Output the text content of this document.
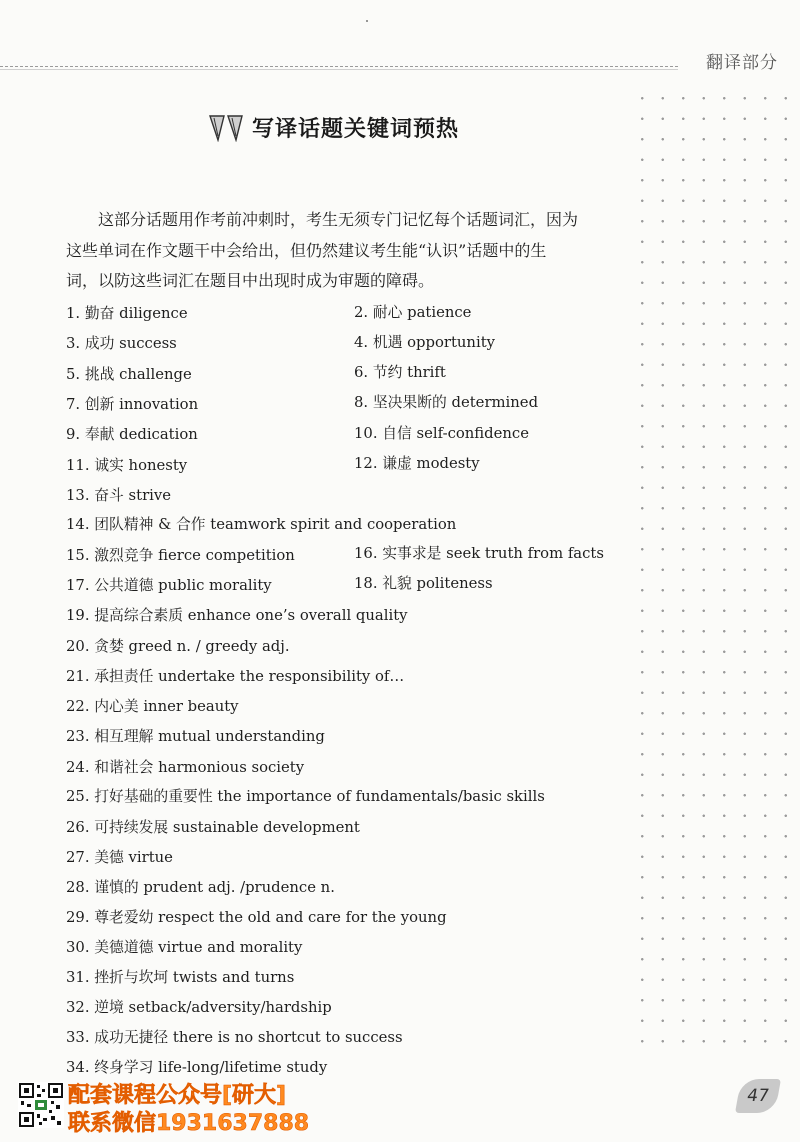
翻译部分
写译话题关键词预热
这部分话题用作考前冲刺时，考生无须专门记忆每个话题词汇，因为
这些单词在作文题干中会给出，但仍然建议考生能“认识”话题中的生
词，以防这些词汇在题目中出现时成为审题的障碍。
1. 勤奋 diligence	2. 耐心 patience
3. 成功 success	4. 机遇 opportunity
5. 挑战 challenge	6. 节约 thrift
7. 创新 innovation	8. 坚决果断的 determined
9. 奉献 dedication	10. 自信 self-confidence
11. 诚实 honesty	12. 谦虚 modesty
13. 奋斗 strive
14. 团队精神 & 合作 teamwork spirit and cooperation
15. 激烈竞争 fierce competition	16. 实事求是 seek truth from facts
17. 公共道德 public morality	18. 礼貌 politeness
19. 提高综合素质 enhance one’s overall quality
20. 贪婪 greed n. / greedy adj.
21. 承担责任 undertake the responsibility of…
22. 内心美 inner beauty
23. 相互理解 mutual understanding
24. 和谐社会 harmonious society
25. 打好基础的重要性 the importance of fundamentals/basic skills
26. 可持续发展 sustainable development
27. 美德 virtue
28. 谨慎的 prudent adj. /prudence n.
29. 尊老爱幼 respect the old and care for the young
30. 美德道德 virtue and morality
31. 挫折与坎坷 twists and turns
32. 逆境 setback/adversity/hardship
33. 成功无捷径 there is no shortcut to success
34. 终身学习 life-long/lifetime study
配套课程公众号[研大]
联系微信1931637888
47
